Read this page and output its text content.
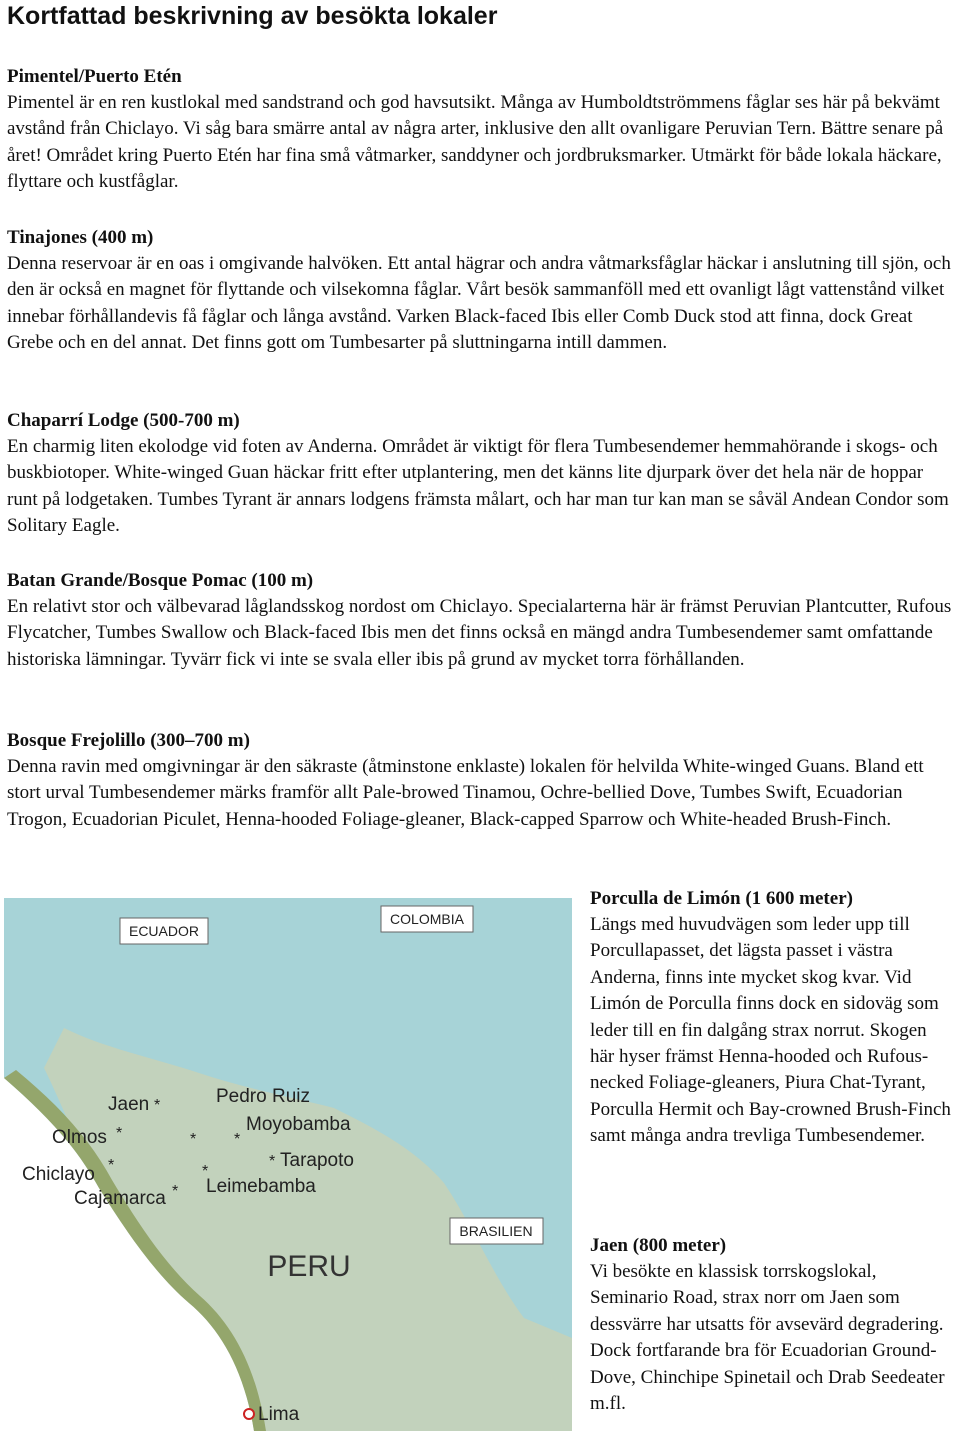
Kortfattad beskrivning av besökta lokaler
Pimentel/Puerto Etén

Pimentel är en ren kustlokal med sandstrand och god havsutsikt. Många av Humboldtströmmens fåglar ses här på bekvämt avstånd från Chiclayo. Vi såg bara smärre antal av några arter, inklusive den allt ovanligare Peruvian Tern. Bättre senare på året! Området kring Puerto Etén har fina små våtmarker, sanddyner och jordbruksmarker. Utmärkt för både lokala häckare, flyttare och kustfåglar.

Tinajones (400 m)

Denna reservoar är en oas i omgivande halvöken. Ett antal hägrar och andra våtmarksfåglar häckar i anslutning till sjön, och den är också en magnet för flyttande och vilsekomna fåglar. Vårt besök sammanföll med ett ovanligt lågt vattenstånd vilket innebar förhållandevis få fåglar och långa avstånd. Varken Black-faced Ibis eller Comb Duck stod att finna, dock Great Grebe och en del annat. Det finns gott om Tumbesarter på sluttningarna intill dammen.

Chaparrí Lodge (500-700 m)

En charmig liten ekolodge vid foten av Anderna. Området är viktigt för flera Tumbesendemer hemmahörande i skogs- och buskbiotoper. White-winged Guan häckar fritt efter utplantering, men det känns lite djurpark över det hela när de hoppar runt på lodgetaken. Tumbes Tyrant är annars lodgens främsta målart, och har man tur kan man se såväl Andean Condor som Solitary Eagle.

Batan Grande/Bosque Pomac (100 m)

En relativt stor och välbevarad låglandsskog nordost om Chiclayo. Specialarterna här är främst Peruvian Plantcutter, Rufous Flycatcher, Tumbes Swallow och Black-faced Ibis men det finns också en mängd andra Tumbesendemer samt omfattande historiska lämningar. Tyvärr fick vi inte se svala eller ibis på grund av mycket torra förhållanden.

Bosque Frejolillo (300–700 m)

Denna ravin med omgivningar är den säkraste (åtminstone enklaste) lokalen för helvilda White-winged Guans. Bland ett stort urval Tumbesendemer märks framför allt Pale-browed Tinamou, Ochre-bellied Dove, Tumbes Swift, Ecuadorian Trogon, Ecuadorian Piculet, Henna-hooded Foliage-gleaner, Black-capped Sparrow och White-headed Brush-Finch.

Porculla de Limón (1 600 meter)

Längs med huvudvägen som leder upp till Porcullapasset, det lägsta passet i västra Anderna, finns inte mycket skog kvar. Vid Limón de Porculla finns dock en sidoväg som leder till en fin dalgång strax norrut. Skogen här hyser främst Henna-hooded och Rufous-necked Foliage-gleaners, Piura Chat-Tyrant, Porculla Hermit och Bay-crowned Brush-Finch samt många andra trevliga Tumbesendemer.

Jaen (800 meter)

Vi besökte en klassisk torrskogslokal, Seminario Road, strax norr om Jaen som dessvärre har utsatts för avsevärd degradering. Dock fortfarande bra för Ecuadorian Ground-Dove, Chinchipe Spinetail och Drab Seedeater m.fl.

ECUADOR
COLOMBIA
BRASILIEN
PERU
Jaen *	Pedro Ruiz
Olmos *	* *
Moyobamba
* Tarapoto
Chiclayo *	*
Leimebamba
Cajamarca *
Lima
